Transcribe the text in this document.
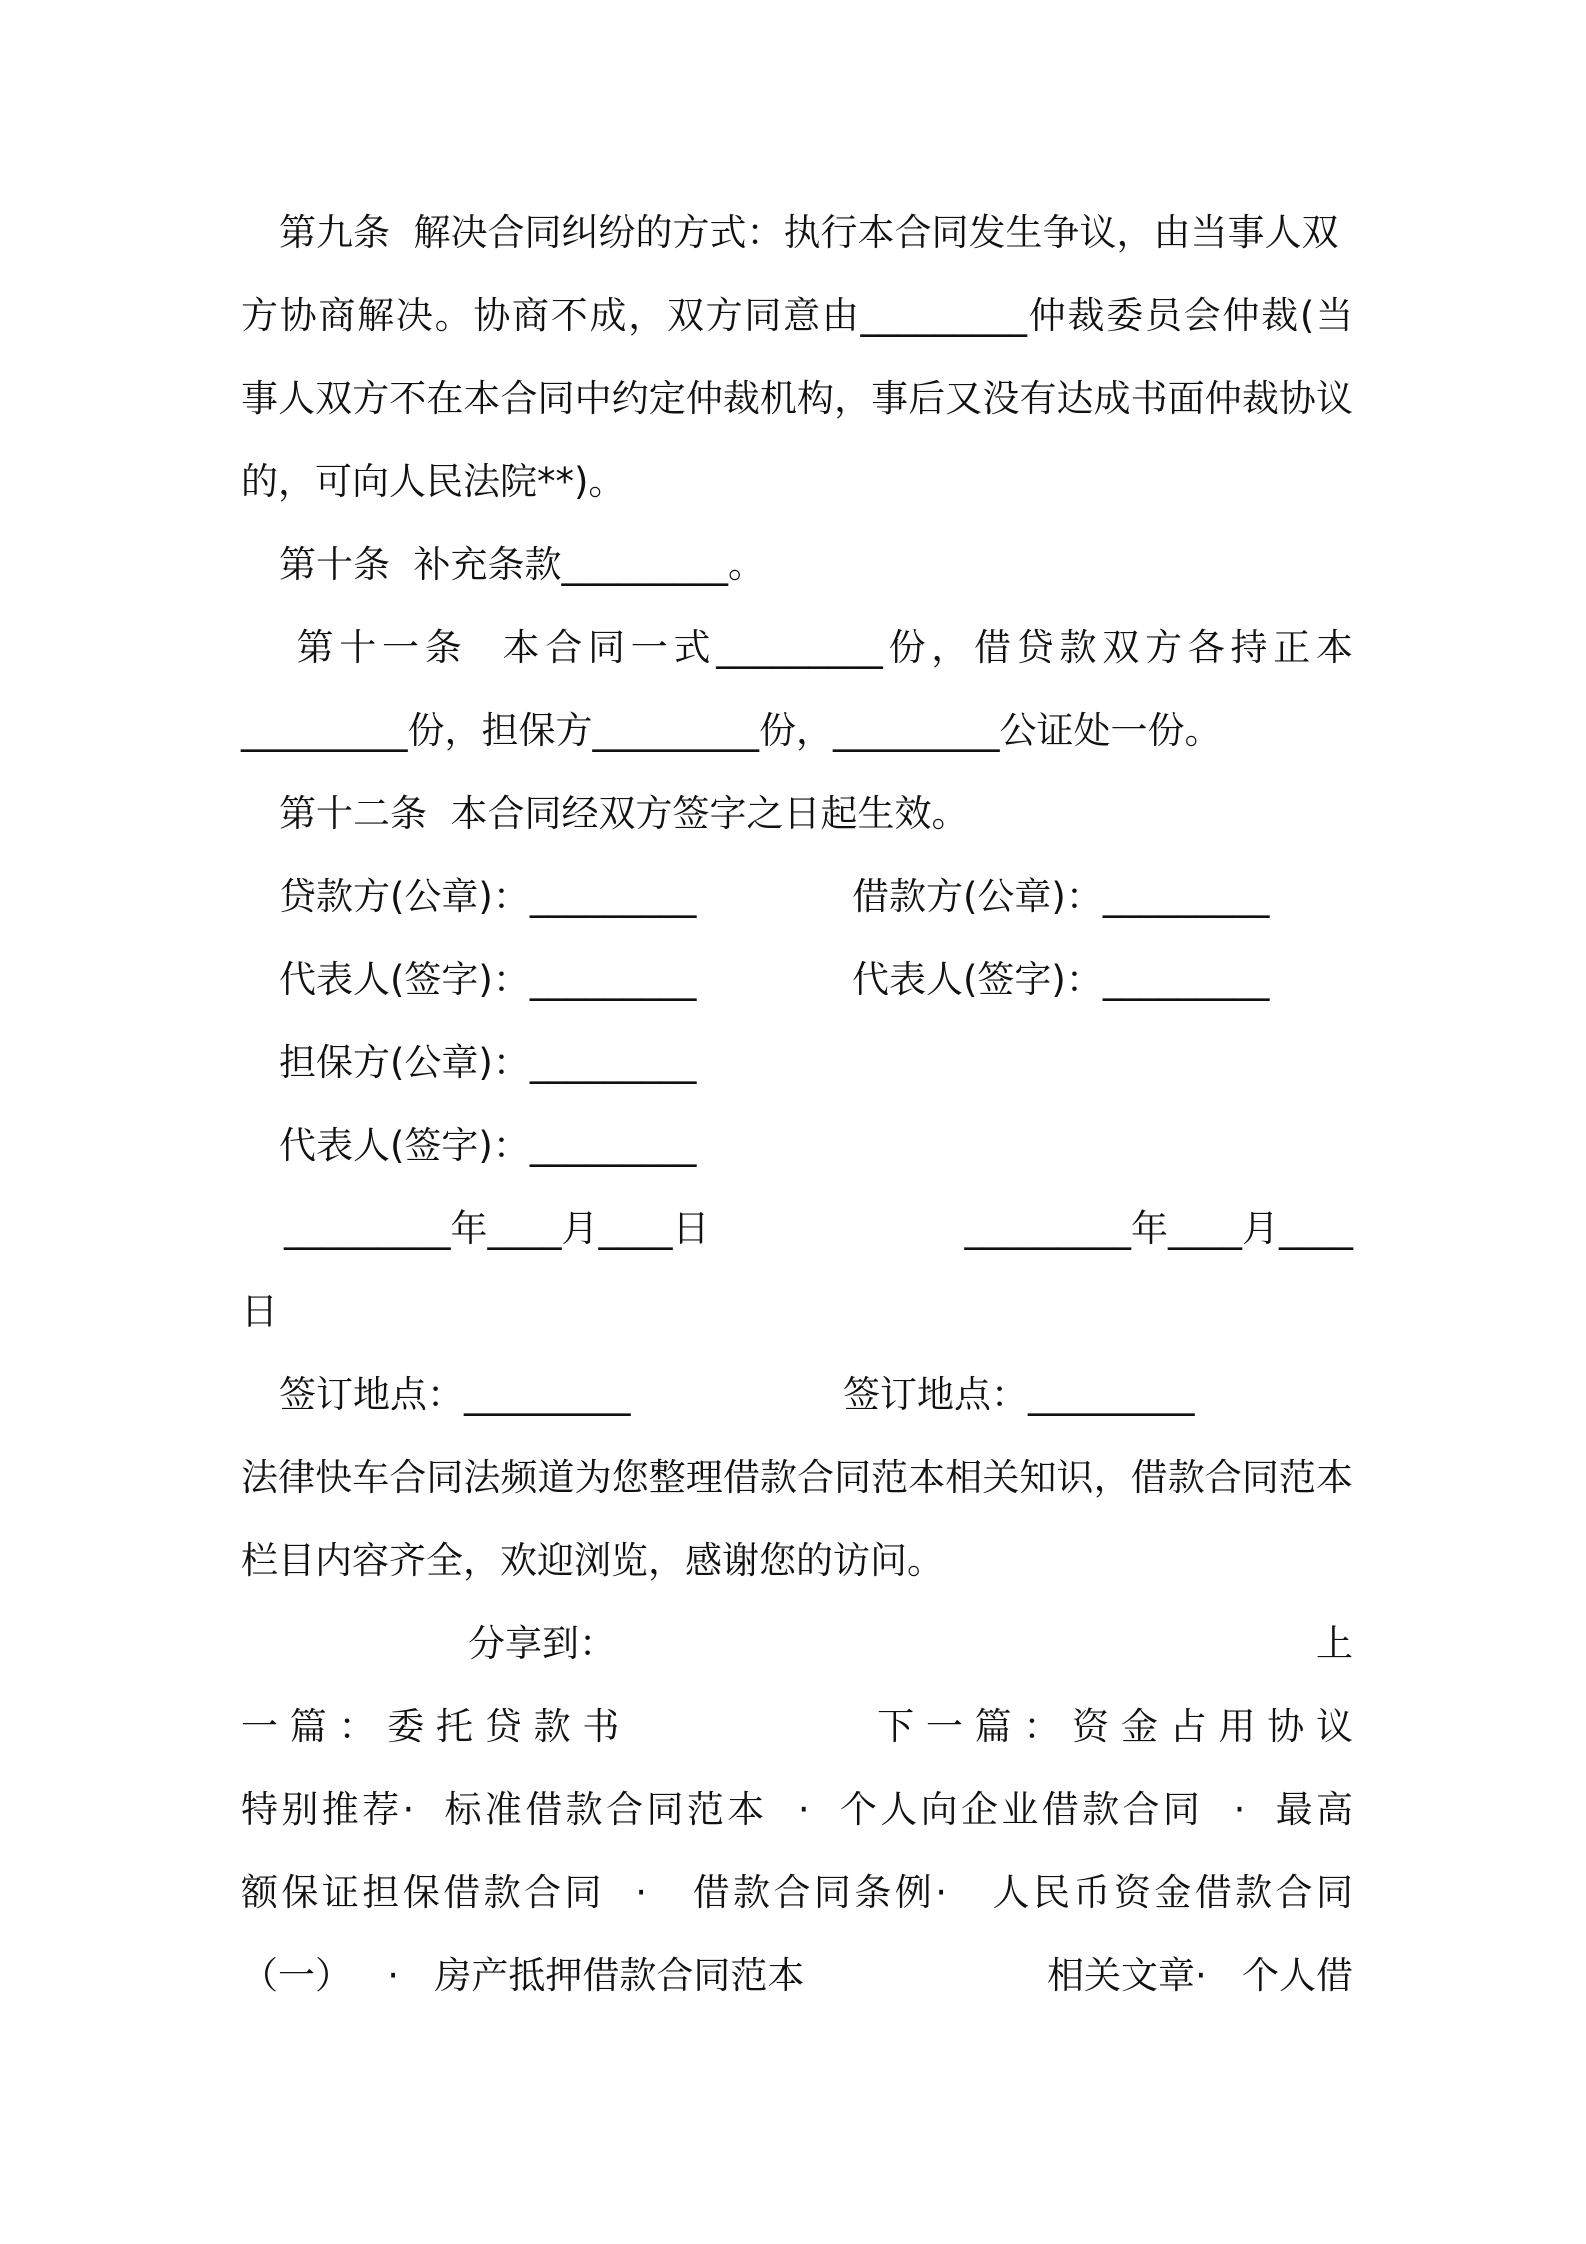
第九条  解决合同纠纷的方式：执行本合同发生争议，由当事人双
方协商解决。协商不成，双方同意由_________仲裁委员会仲裁(当
事人双方不在本合同中约定仲裁机构，事后又没有达成书面仲裁协议
的，可向人民法院**)。
第十条  补充条款_________。
第十一条  本合同一式_________份，借贷款双方各持正本
_________份，担保方_________份，_________公证处一份。
第十二条  本合同经双方签字之日起生效。
贷款方(公章)：_________	借款方(公章)：_________
代表人(签字)：_________	代表人(签字)：_________
担保方(公章)：_________
代表人(签字)：_________
_________年____月____日	_________年____月____
日
签订地点：_________	签订地点：_________
法律快车合同法频道为您整理借款合同范本相关知识，借款合同范本
栏目内容齐全，欢迎浏览，感谢您的访问。
分享到：	上
一 篇 ： 委 托 贷 款 书	下 一 篇 ： 资 金 占 用 协 议
特别推荐·  标准借款合同范本  ·  个人向企业借款合同  ·  最高
额保证担保借款合同  ·   借款合同条例·   人民币资金借款合同
（一）   ·   房产抵押借款合同范本	相关文章·   个人借
